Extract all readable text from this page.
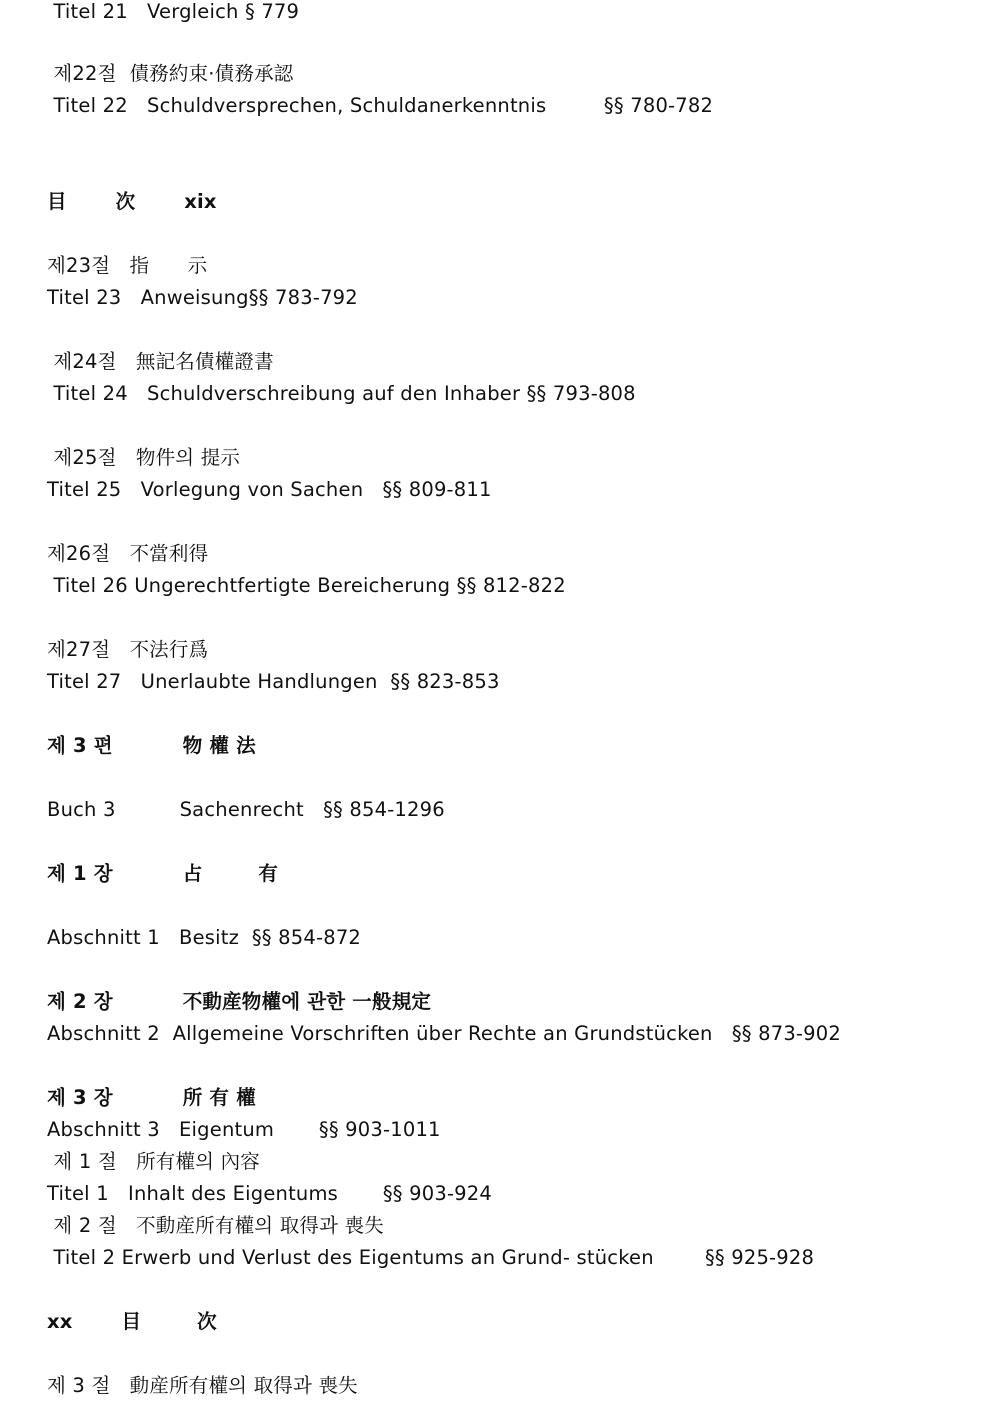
Titel 21   Vergleich § 779
제22절  債務約束·債務承認
Titel 22   Schuldversprechen, Schuldanerkenntnis         §§ 780-782
目       次       xix
제23절   指      示
Titel 23   Anweisung§§ 783-792
제24절   無記名債權證書
Titel 24   Schuldverschreibung auf den Inhaber §§ 793-808
제25절   物件의 提示
Titel 25   Vorlegung von Sachen   §§ 809-811
제26절   不當利得
Titel 26 Ungerechtfertigte Bereicherung §§ 812-822
제27절   不法行爲
Titel 27   Unerlaubte Handlungen  §§ 823-853
제 3 편          物 權 法
Buch 3          Sachenrecht   §§ 854-1296
제 1 장          占        有
Abschnitt 1   Besitz  §§ 854-872
제 2 장          不動産物權에 관한 一般規定
Abschnitt 2  Allgemeine Vorschriften über Rechte an Grundstücken   §§ 873-902
제 3 장          所 有 權
Abschnitt 3   Eigentum       §§ 903-1011
제 1 절   所有權의 內容
Titel 1   Inhalt des Eigentums       §§ 903-924
제 2 절   不動産所有權의 取得과 喪失
Titel 2 Erwerb und Verlust des Eigentums an Grund- stücken        §§ 925-928
xx       目        次
제 3 절   動産所有權의 取得과 喪失
